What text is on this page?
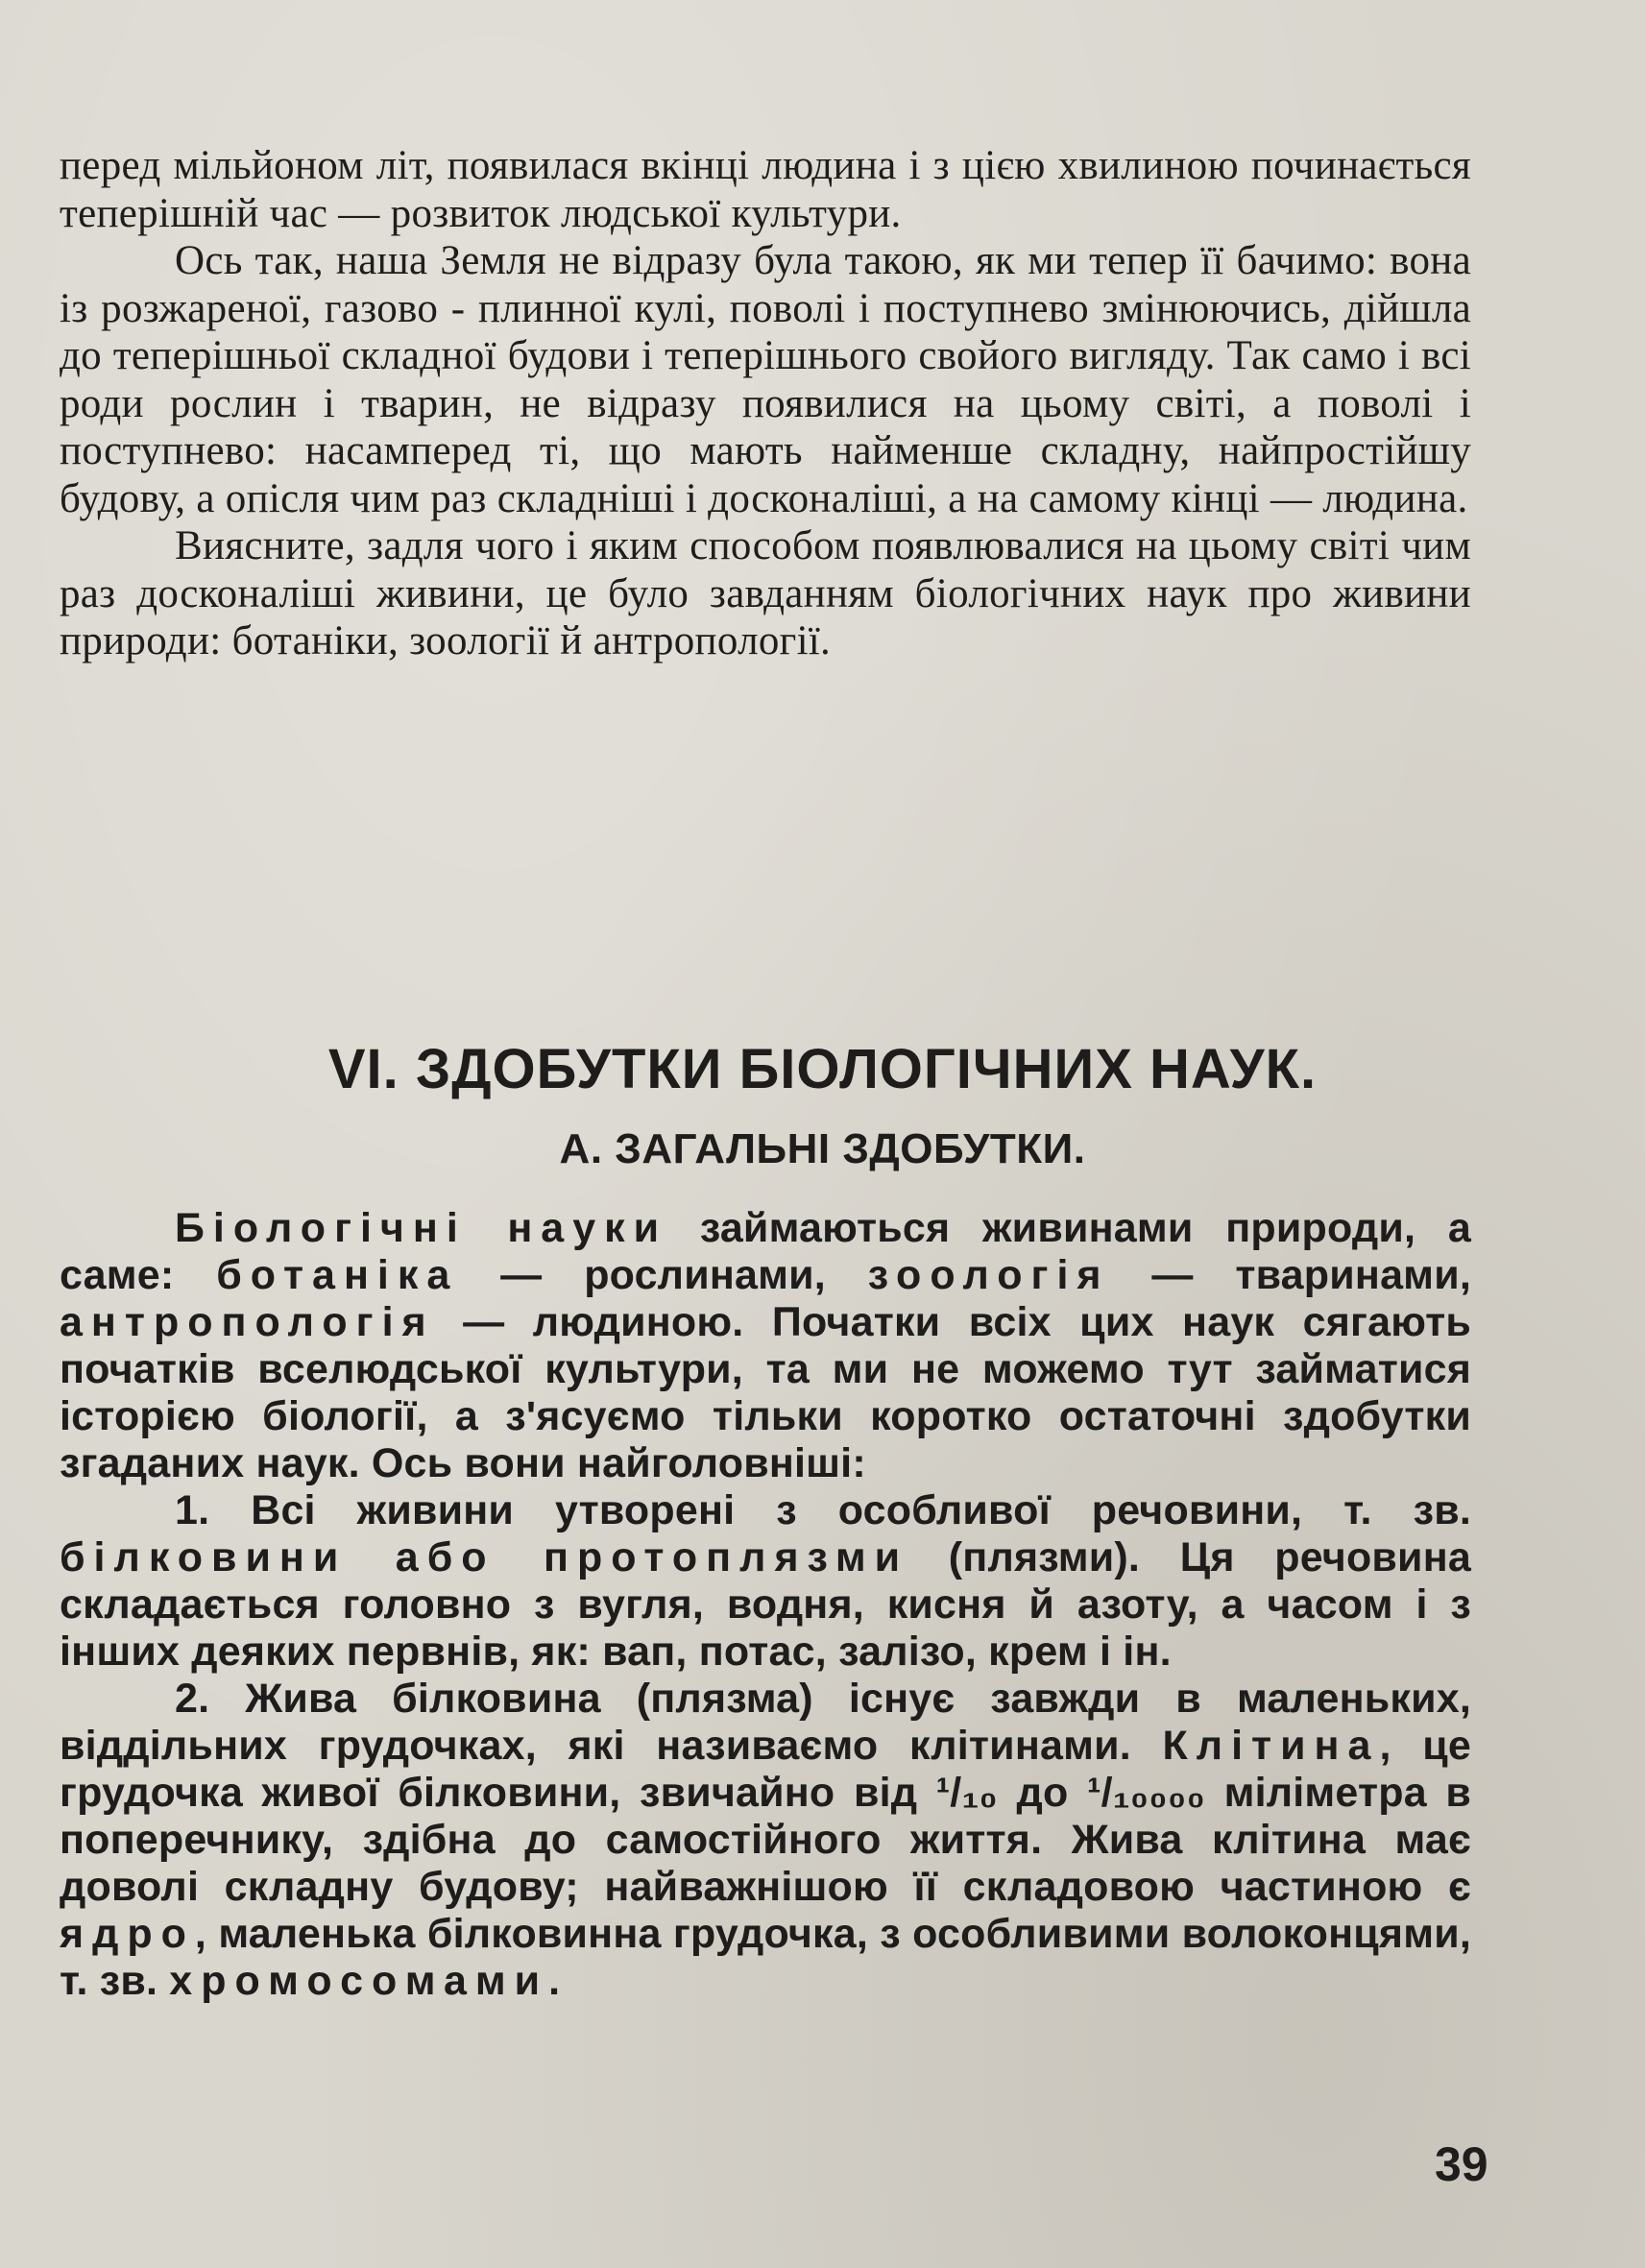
перед мільйоном літ, появилася вкінці людина і з цією хвилиною починається теперішній час — розвиток людської культури.

Ось так, наша Земля не відразу була такою, як ми тепер її бачимо: вона із розжареної, газово - плинної кулі, поволі і поступнево змінюючись, дійшла до теперішньої складної будови і теперішнього свойого вигляду. Так само і всі роди рослин і тварин, не відразу появилися на цьому світі, а поволі і поступнево: насамперед ті, що мають найменше складну, найпростійшу будову, а опісля чим раз складніші і досконаліші, а на самому кінці — людина.

Виясните, задля чого і яким способом появлювалися на цьому світі чим раз досконаліші живини, це було завданням біологічних наук про живини природи: ботаніки, зоології й антропології.

VI. ЗДОБУТКИ БІОЛОГІЧНИХ НАУК.
А. ЗАГАЛЬНІ ЗДОБУТКИ.

Біологічні науки займаються живинами природи, а саме: ботаніка — рослинами, зоологія — тваринами, антропологія — людиною. Початки всіх цих наук сягають початків вселюдської культури, та ми не можемо тут займатися історією біології, а з'ясуємо тільки коротко остаточні здобутки згаданих наук. Ось вони найголовніші:

1. Всі живини утворені з особливої речовини, т. зв. білковини або протоплязми (плязми). Ця речовина складається головно з вугля, водня, кисня й азоту, а часом і з інших деяких первнів, як: вап, потас, залізо, крем і ін.

2. Жива білковина (плязма) існує завжди в маленьких, віддільних грудочках, які називаємо клітинами. Клітина, це грудочка живої білковини, звичайно від ¹/₁₀ до ¹/₁₀₀₀₀ міліметра в поперечнику, здібна до самостійного життя. Жива клітина має доволі складну будову; найважнішою її складовою частиною є ядро, маленька білковинна грудочка, з особливими волоконцями, т. зв. хромосомами.

39
